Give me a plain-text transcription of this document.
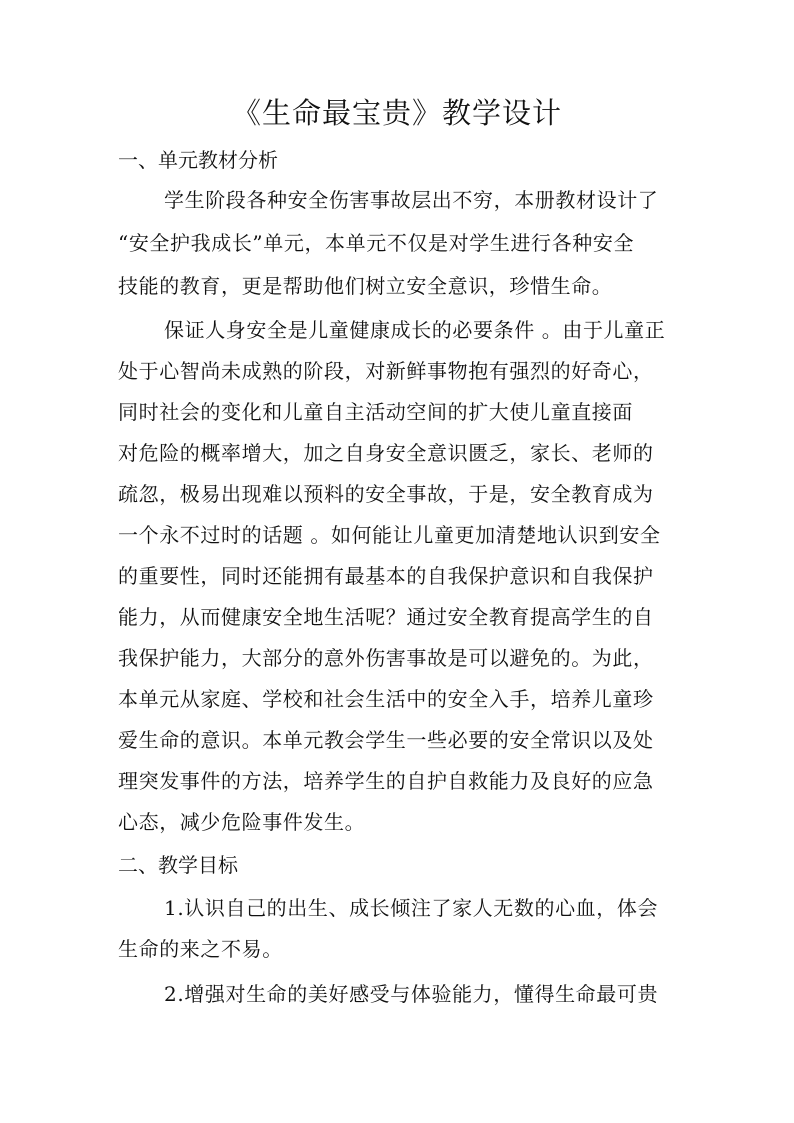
《生命最宝贵》教学设计
一、单元教材分析

学生阶段各种安全伤害事故层出不穷，本册教材设计了

“安全护我成长”单元，本单元不仅是对学生进行各种安全

技能的教育，更是帮助他们树立安全意识，珍惜生命。

保证人身安全是儿童健康成长的必要条件 。由于儿童正

处于心智尚未成熟的阶段，对新鲜事物抱有强烈的好奇心，

同时社会的变化和儿童自主活动空间的扩大使儿童直接面

对危险的概率增大，加之自身安全意识匮乏，家长、老师的

疏忽，极易出现难以预料的安全事故，于是，安全教育成为

一个永不过时的话题 。如何能让儿童更加清楚地认识到安全

的重要性，同时还能拥有最基本的自我保护意识和自我保护

能力，从而健康安全地生活呢？通过安全教育提高学生的自

我保护能力，大部分的意外伤害事故是可以避免的。为此，

本单元从家庭、学校和社会生活中的安全入手，培养儿童珍

爱生命的意识。本单元教会学生一些必要的安全常识以及处

理突发事件的方法，培养学生的自护自救能力及良好的应急

心态，减少危险事件发生。

二、教学目标

1.认识自己的出生、成长倾注了家人无数的心血，体会

生命的来之不易。

2.增强对生命的美好感受与体验能力，懂得生命最可贵
